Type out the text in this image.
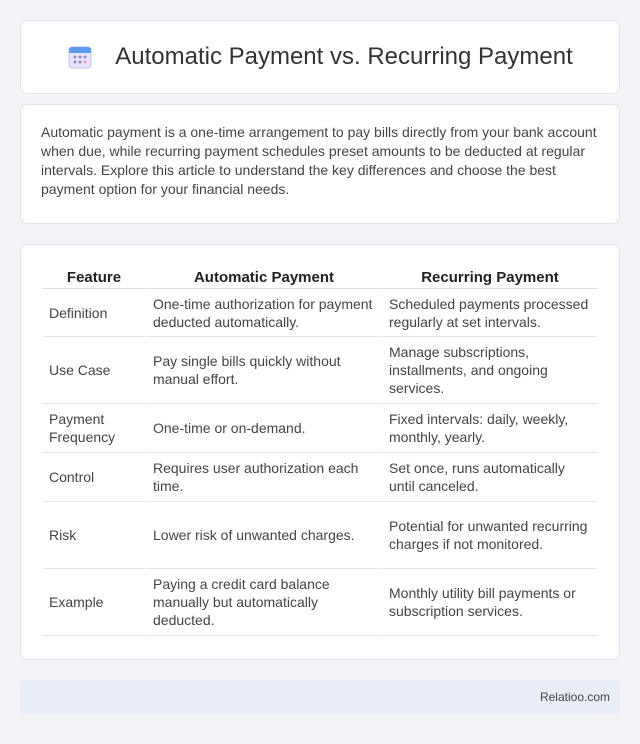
Automatic Payment vs. Recurring Payment

Automatic payment is a one-time arrangement to pay bills directly from your bank account when due, while recurring payment schedules preset amounts to be deducted at regular intervals. Explore this article to understand the key differences and choose the best payment option for your financial needs.

Feature	Automatic Payment	Recurring Payment
Definition	One-time authorization for payment deducted automatically.	Scheduled payments processed regularly at set intervals.
Use Case	Pay single bills quickly without manual effort.	Manage subscriptions, installments, and ongoing services.
Payment Frequency	One-time or on-demand.	Fixed intervals: daily, weekly, monthly, yearly.
Control	Requires user authorization each time.	Set once, runs automatically until canceled.
Risk	Lower risk of unwanted charges.	Potential for unwanted recurring charges if not monitored.
Example	Paying a credit card balance manually but automatically deducted.	Monthly utility bill payments or subscription services.
Relatioo.com
